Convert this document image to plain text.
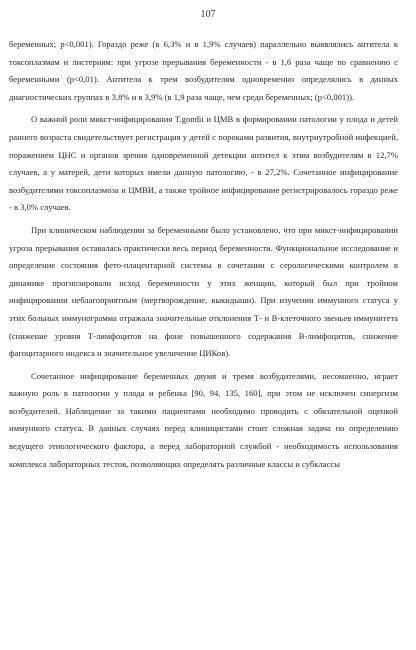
107

беременных; p<0,001). Гораздо реже (в 6,3% и в 1,9% случаев) параллельно выявлялись антитела к токсоплазмам и листериям: при угрозе прерывания беременности - в 1,6 раза чаще по сравнению с беременными (p<0,01). Антитела к трем возбудителям одновременно определялись в данных диагностических группах в 3,8% и в 3,9% (в 1,9 раза чаще, чем среди беременных; (p<0,001)).

О важной роли микст-инфицирования T.gondii и ЦМВ в формировании патологии у плода и детей раннего возраста свидетельствует регистрация у детей с пороками развития, внутриутробной инфекцией, поражением ЦНС и органов зрения одновременной детекции антител к этим возбудителям в 12,7% случаев, а у матерей, дети которых имели данную патологию, - в 27,2%. Сочетанное инфицирование возбудителями токсоплазмоза и ЦМВИ, а также тройное инфицирование регистрировалось гораздо реже - в 3,0% случаев.

При клиническом наблюдении за беременными было установлено, что при микст-инфицировании угроза прерывания оставалась практически весь период беременности. Функциональное исследование и определение состояния фето-плацентарной системы в сочетании с серологическими контролем в динамике прогнозировали исход беременности у этих женщин, который был при тройном инфицировании неблагоприятным (мертворождение, выкидыши). При изучении иммунного статуса у этих больных иммунограмма отражала значительные отклонения Т- и В-клеточного звеньев иммунитета (снижение уровня Т-лимфоцитов на фоне повышенного содержания В-лимфоцитов, снижение фагоцитарного индекса и значительное увеличение ЦИКов).

Сочетанное инфицирование беременных двумя и тремя возбудителями, несомненно, играет важную роль в патологии у плода и ребенка [90, 94, 135, 160], при этом не исключен синергизм возбудителей. Наблюдение за такими пациентами необходимо проводить с обязательной оценкой иммунного статуса. В данных случаях перед клиницистами стоит сложная задача по определению ведущего этиологического фактора, а перед лабораторной службой - необходимость использования комплекса лабораторных тестов, позволяющих определять различные классы и субклассы
